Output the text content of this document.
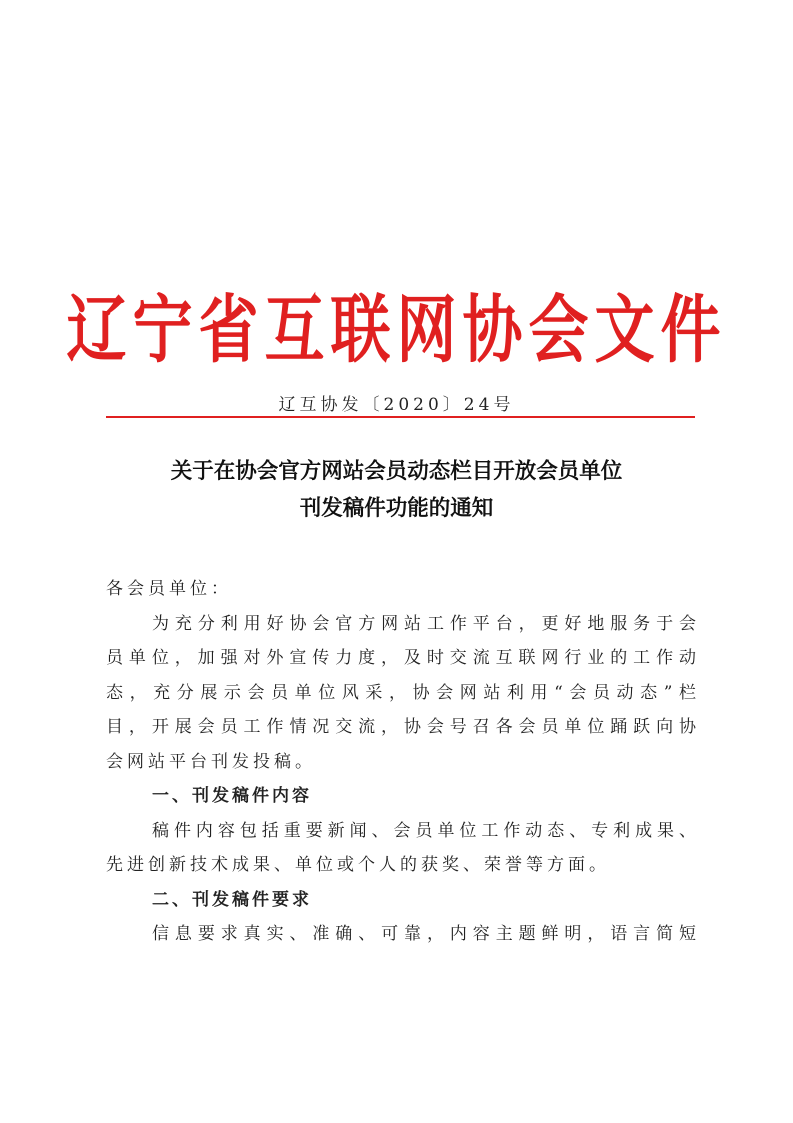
辽宁省互联网协会文件
辽互协发〔2020〕24号
关于在协会官方网站会员动态栏目开放会员单位
刊发稿件功能的通知
各会员单位：
为充分利用好协会官方网站工作平台，更好地服务于会
员单位，加强对外宣传力度，及时交流互联网行业的工作动
态，充分展示会员单位风采，协会网站利用“会员动态”栏
目，开展会员工作情况交流，协会号召各会员单位踊跃向协
会网站平台刊发投稿。
一、刊发稿件内容
稿件内容包括重要新闻、会员单位工作动态、专利成果、
先进创新技术成果、单位或个人的获奖、荣誉等方面。
二、刊发稿件要求
信息要求真实、准确、可靠，内容主题鲜明，语言简短
